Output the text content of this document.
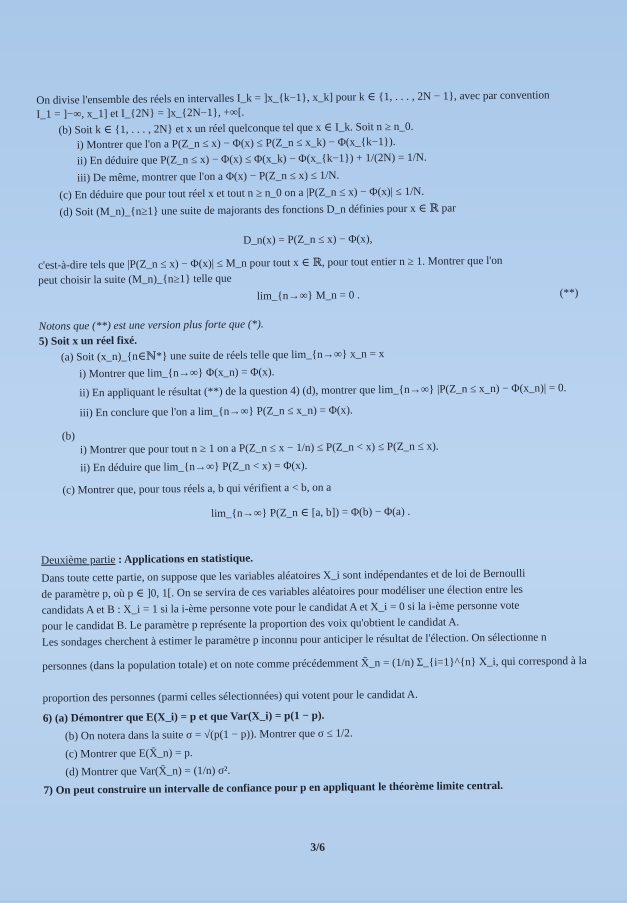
On divise l'ensemble des réels en intervalles I_k = ]x_{k−1}, x_k] pour k ∈ {1, . . . , 2N − 1}, avec par convention
I_1 = ]−∞, x_1] et I_{2N} = ]x_{2N−1}, +∞[.
(b) Soit k ∈ {1, . . . , 2N} et x un réel quelconque tel que x ∈ I_k. Soit n ≥ n_0.
i) Montrer que l'on a P(Z_n ≤ x) − Φ(x) ≤ P(Z_n ≤ x_k) − Φ(x_{k−1}).
ii) En déduire que P(Z_n ≤ x) − Φ(x) ≤ Φ(x_k) − Φ(x_{k−1}) + 1/(2N) = 1/N.
iii) De même, montrer que l'on a Φ(x) − P(Z_n ≤ x) ≤ 1/N.
(c) En déduire que pour tout réel x et tout n ≥ n_0 on a |P(Z_n ≤ x) − Φ(x)| ≤ 1/N.
(d) Soit (M_n)_{n≥1} une suite de majorants des fonctions D_n définies pour x ∈ ℝ par
D_n(x) = P(Z_n ≤ x) − Φ(x),
c'est-à-dire tels que |P(Z_n ≤ x) − Φ(x)| ≤ M_n pour tout x ∈ ℝ, pour tout entier n ≥ 1. Montrer que l'on
peut choisir la suite (M_n)_{n≥1} telle que
lim_{n→∞} M_n = 0 .	(**)
Notons que (**) est une version plus forte que (*).
5) Soit x un réel fixé.
(a) Soit (x_n)_{n∈ℕ*} une suite de réels telle que lim_{n→∞} x_n = x
i) Montrer que lim_{n→∞} Φ(x_n) = Φ(x).
ii) En appliquant le résultat (**) de la question 4) (d), montrer que lim_{n→∞} |P(Z_n ≤ x_n) − Φ(x_n)| = 0.
iii) En conclure que l'on a lim_{n→∞} P(Z_n ≤ x_n) = Φ(x).
(b)
i) Montrer que pour tout n ≥ 1 on a P(Z_n ≤ x − 1/n) ≤ P(Z_n < x) ≤ P(Z_n ≤ x).
ii) En déduire que lim_{n→∞} P(Z_n < x) = Φ(x).
(c) Montrer que, pour tous réels a, b qui vérifient a < b, on a
lim_{n→∞} P(Z_n ∈ [a, b]) = Φ(b) − Φ(a) .
Deuxième partie : Applications en statistique.
Dans toute cette partie, on suppose que les variables aléatoires X_i sont indépendantes et de loi de Bernoulli
de paramètre p, où p ∈ ]0, 1[. On se servira de ces variables aléatoires pour modéliser une élection entre les
candidats A et B : X_i = 1 si la i-ème personne vote pour le candidat A et X_i = 0 si la i-ème personne vote
pour le candidat B. Le paramètre p représente la proportion des voix qu'obtient le candidat A.
Les sondages cherchent à estimer le paramètre p inconnu pour anticiper le résultat de l'élection. On sélectionne n
personnes (dans la population totale) et on note comme précédemment X̄_n = (1/n) Σ_{i=1}^{n} X_i, qui correspond à la
proportion des personnes (parmi celles sélectionnées) qui votent pour le candidat A.
6) (a) Démontrer que E(X_i) = p et que Var(X_i) = p(1 − p).
(b) On notera dans la suite σ = √(p(1 − p)). Montrer que σ ≤ 1/2.
(c) Montrer que E(X̄_n) = p.
(d) Montrer que Var(X̄_n) = (1/n) σ².
7) On peut construire un intervalle de confiance pour p en appliquant le théorème limite central.
3/6
